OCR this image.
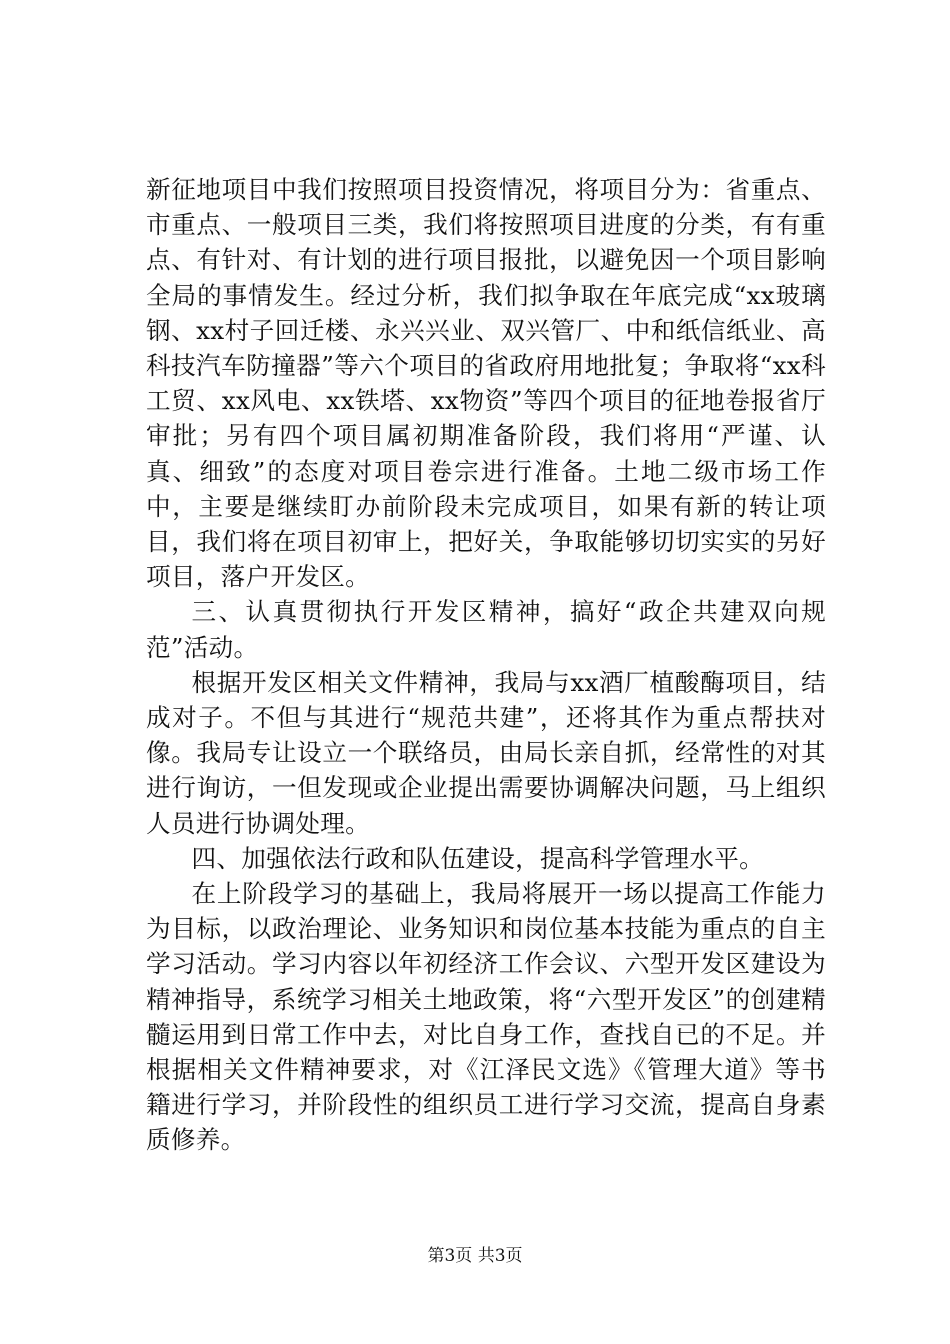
新征地项目中我们按照项目投资情况，将项目分为：省重点、市重点、一般项目三类，我们将按照项目进度的分类，有有重点、有针对、有计划的进行项目报批，以避免因一个项目影响全局的事情发生。经过分析，我们拟争取在年底完成“xx玻璃钢、xx村子回迁楼、永兴兴业、双兴管厂、中和纸信纸业、高科技汽车防撞器”等六个项目的省政府用地批复；争取将“xx科工贸、xx风电、xx铁塔、xx物资”等四个项目的征地卷报省厅审批；另有四个项目属初期准备阶段，我们将用“严谨、认真、细致”的态度对项目卷宗进行准备。土地二级市场工作中，主要是继续盯办前阶段未完成项目，如果有新的转让项目，我们将在项目初审上，把好关，争取能够切切实实的另好项目，落户开发区。

三、认真贯彻执行开发区精神，搞好“政企共建双向规范”活动。

根据开发区相关文件精神，我局与xx酒厂植酸酶项目，结成对子。不但与其进行“规范共建”，还将其作为重点帮扶对像。我局专让设立一个联络员，由局长亲自抓，经常性的对其进行询访，一但发现或企业提出需要协调解决问题，马上组织人员进行协调处理。

四、加强依法行政和队伍建设，提高科学管理水平。

在上阶段学习的基础上，我局将展开一场以提高工作能力为目标，以政治理论、业务知识和岗位基本技能为重点的自主学习活动。学习内容以年初经济工作会议、六型开发区建设为精神指导，系统学习相关土地政策，将“六型开发区”的创建精髓运用到日常工作中去，对比自身工作，查找自已的不足。并根据相关文件精神要求，对《江泽民文选》《管理大道》等书籍进行学习，并阶段性的组织员工进行学习交流，提高自身素质修养。

第3页 共3页
